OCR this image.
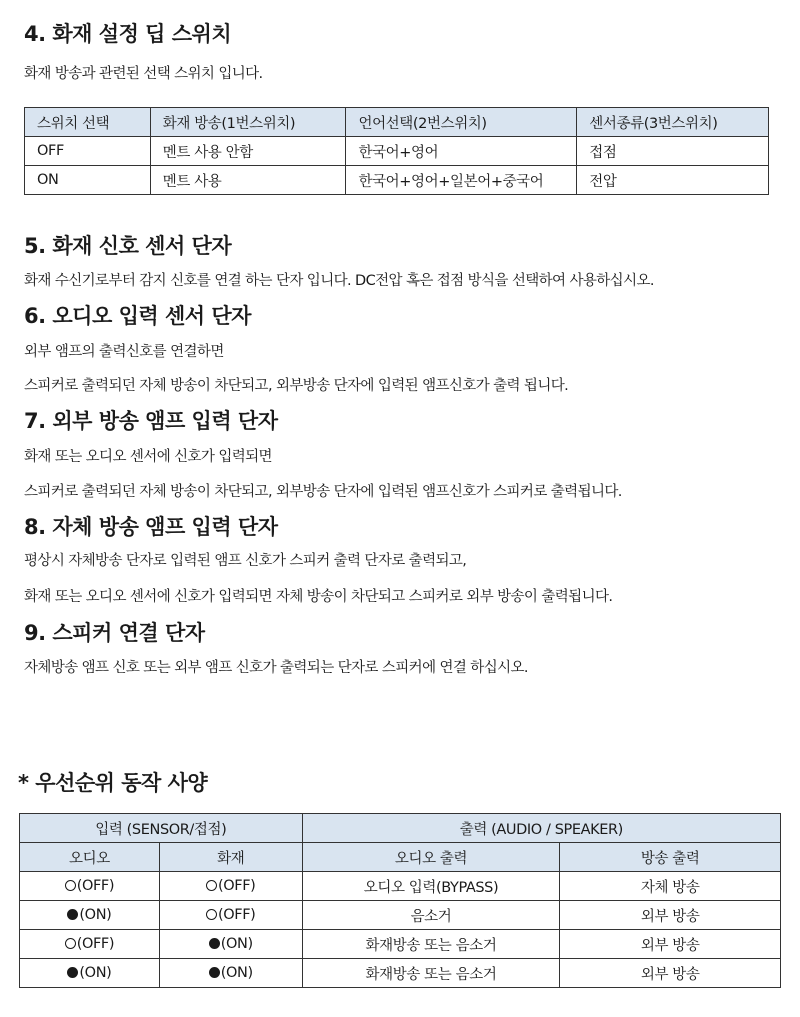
4. 화재 설정 딥 스위치

화재 방송과 관련된 선택 스위치 입니다.

스위치 선택	화재 방송(1번스위치)	언어선택(2번스위치)	센서종류(3번스위치)
OFF	멘트 사용 안함	한국어+영어	접점
ON	멘트 사용	한국어+영어+일본어+중국어	전압
5. 화재 신호 센서 단자

화재 수신기로부터 감지 신호를 연결 하는 단자 입니다. DC전압 혹은 접점 방식을 선택하여 사용하십시오.

6. 오디오 입력 센서 단자

외부 앰프의 출력신호를 연결하면

스피커로 출력되던 자체 방송이 차단되고, 외부방송 단자에 입력된 앰프신호가 출력 됩니다.

7. 외부 방송 앰프 입력 단자

화재 또는 오디오 센서에 신호가 입력되면

스피커로 출력되던 자체 방송이 차단되고, 외부방송 단자에 입력된 앰프신호가 스피커로 출력됩니다.

8. 자체 방송 앰프 입력 단자

평상시 자체방송 단자로 입력된 앰프 신호가 스피커 출력 단자로 출력되고,

화재 또는 오디오 센서에 신호가 입력되면 자체 방송이 차단되고 스피커로 외부 방송이 출력됩니다.

9. 스피커 연결 단자

자체방송 앰프 신호 또는 외부 앰프 신호가 출력되는 단자로 스피커에 연결 하십시오.

* 우선순위 동작 사양
입력 (SENSOR/접점)		출력 (AUDIO / SPEAKER)	
오디오	화재	오디오 출력	방송 출력
(OFF)	(OFF)	오디오 입력(BYPASS)	자체 방송
(ON)	(OFF)	음소거	외부 방송
(OFF)	(ON)	화재방송 또는 음소거	외부 방송
(ON)	(ON)	화재방송 또는 음소거	외부 방송
